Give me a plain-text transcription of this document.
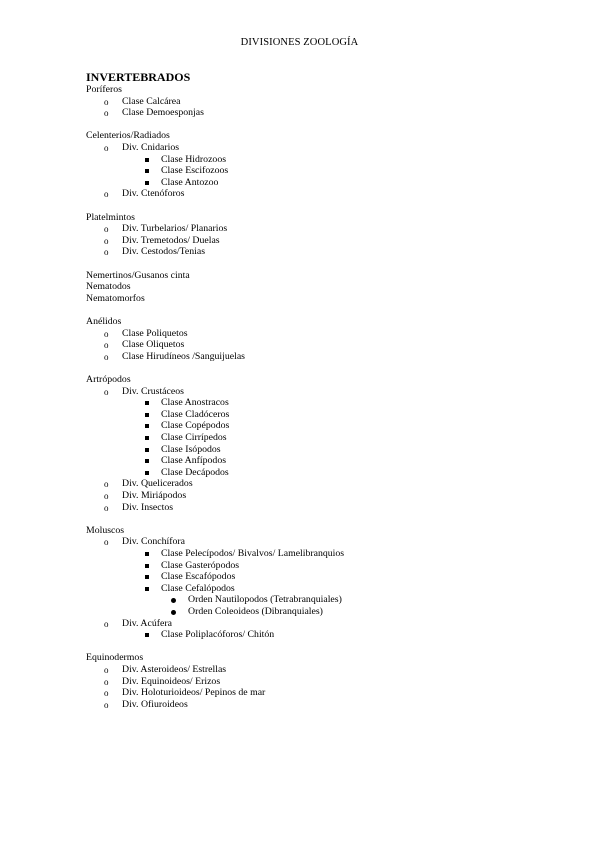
DIVISIONES ZOOLOGÍA
INVERTEBRADOS
Poríferos
o Clase Calcárea
o Clase Demoesponjas
Celenterios/Radiados
o Div. Cnidarios
Clase Hidrozoos
Clase Escifozoos
Clase Antozoo
o Div. Ctenóforos
Platelmintos
o Div. Turbelarios/ Planarios
o Div. Tremetodos/ Duelas
o Div. Cestodos/Tenias
Nemertinos/Gusanos cinta
Nematodos
Nematomorfos
Anélidos
o Clase Poliquetos
o Clase Oliquetos
o Clase Hirudíneos /Sanguijuelas
Artrópodos
o Div. Crustáceos
Clase Anostracos
Clase Cladóceros
Clase Copépodos
Clase Cirrípedos
Clase Isópodos
Clase Anfípodos
Clase Decápodos
o Div. Quelicerados
o Div. Miriápodos
o Div. Insectos
Moluscos
o Div. Conchífora
Clase Pelecípodos/ Bivalvos/ Lamelibranquios
Clase Gasterópodos
Clase Escafópodos
Clase Cefalópodos
Orden Nautilopodos (Tetrabranquiales)
Orden Coleoideos (Dibranquiales)
o Div. Acúfera
Clase Poliplacóforos/ Chitón
Equinodermos
o Div. Asteroideos/ Estrellas
o Div. Equinoideos/ Erizos
o Div. Holoturioideos/ Pepinos de mar
o Div. Ofiuroideos
